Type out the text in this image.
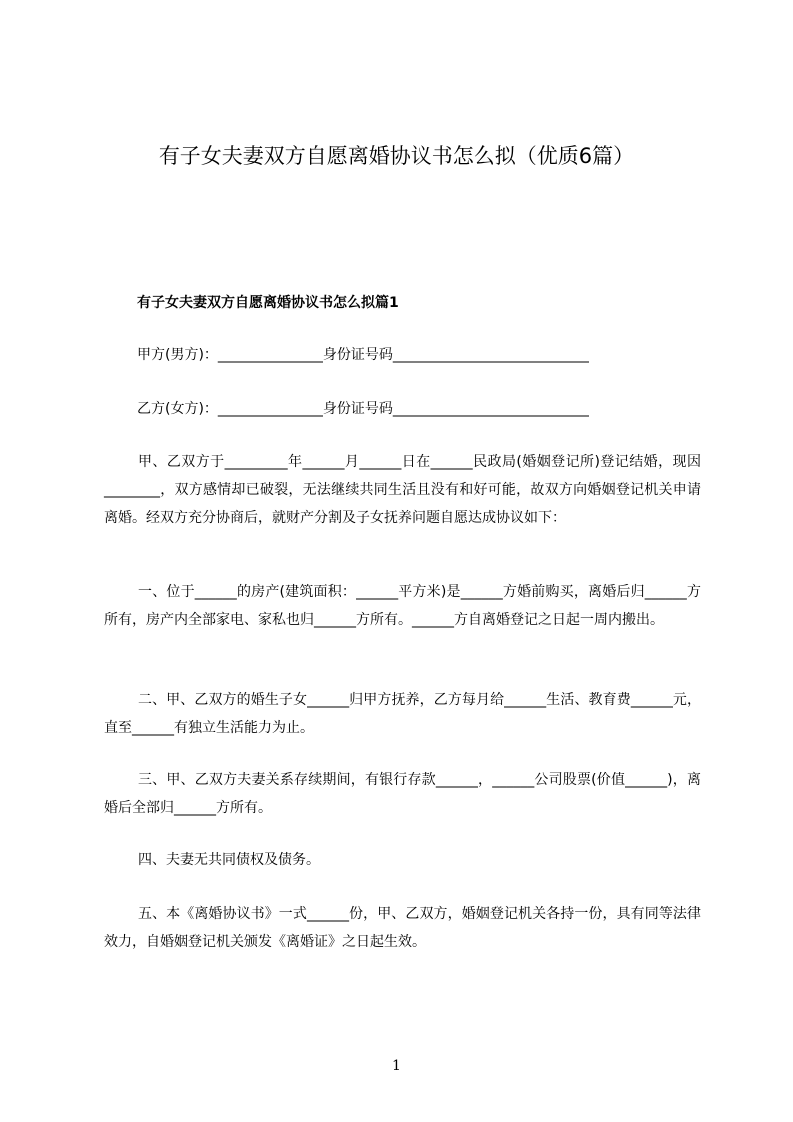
有子女夫妻双方自愿离婚协议书怎么拟（优质6篇）
有子女夫妻双方自愿离婚协议书怎么拟篇1
甲方(男方)：_______________身份证号码____________________________
乙方(女方)：_______________身份证号码____________________________

甲、乙双方于_________年______月______日在______民政局(婚姻登记所)登记结婚，现因________，双方感情却已破裂，无法继续共同生活且没有和好可能，故双方向婚姻登记机关申请离婚。经双方充分协商后，就财产分割及子女抚养问题自愿达成协议如下：

一、位于______的房产(建筑面积：______平方米)是______方婚前购买，离婚后归______方所有，房产内全部家电、家私也归______方所有。______方自离婚登记之日起一周内搬出。

二、甲、乙双方的婚生子女______归甲方抚养，乙方每月给______生活、教育费______元，直至______有独立生活能力为止。

三、甲、乙双方夫妻关系存续期间，有银行存款______，______公司股票(价值______)，离婚后全部归______方所有。

四、夫妻无共同债权及债务。

五、本《离婚协议书》一式______份，甲、乙双方，婚姻登记机关各持一份，具有同等法律效力，自婚姻登记机关颁发《离婚证》之日起生效。

1
